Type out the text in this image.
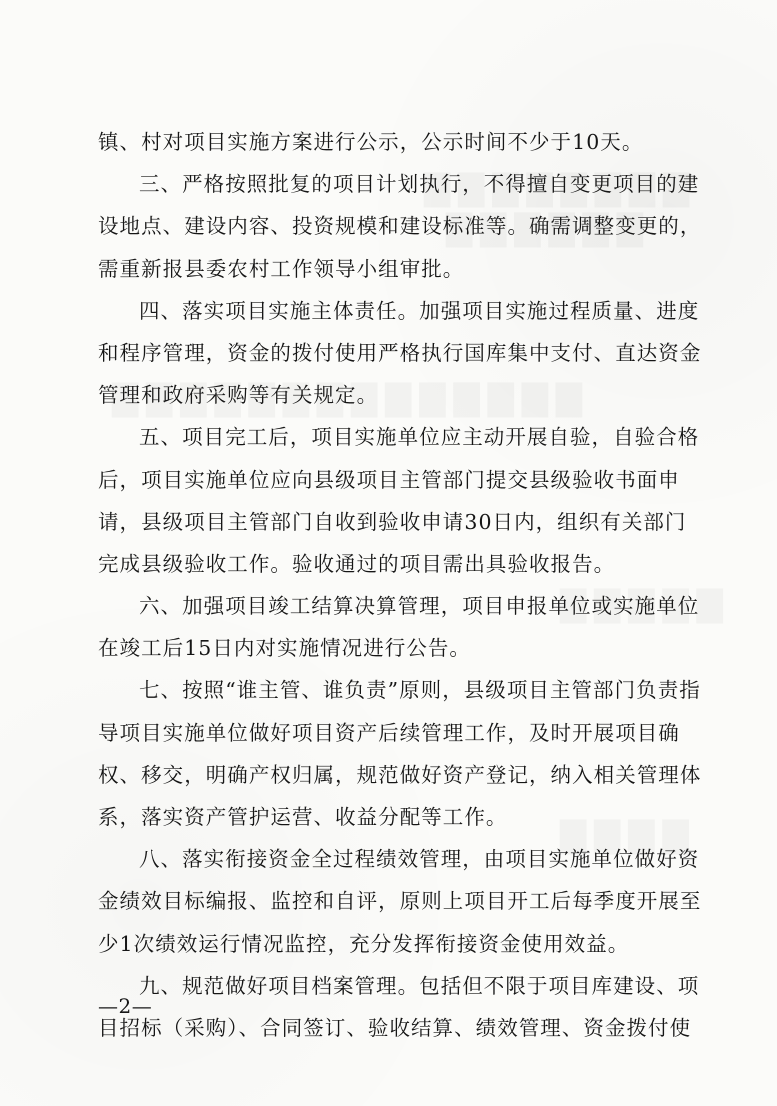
镇、村对项目实施方案进行公示，公示时间不少于10天。
三、严格按照批复的项目计划执行，不得擅自变更项目的建
设地点、建设内容、投资规模和建设标准等。确需调整变更的，
需重新报县委农村工作领导小组审批。
四、落实项目实施主体责任。加强项目实施过程质量、进度
和程序管理，资金的拨付使用严格执行国库集中支付、直达资金
管理和政府采购等有关规定。
五、项目完工后，项目实施单位应主动开展自验，自验合格
后，项目实施单位应向县级项目主管部门提交县级验收书面申
请，县级项目主管部门自收到验收申请30日内，组织有关部门
完成县级验收工作。验收通过的项目需出具验收报告。
六、加强项目竣工结算决算管理，项目申报单位或实施单位
在竣工后15日内对实施情况进行公告。
七、按照“谁主管、谁负责”原则，县级项目主管部门负责指
导项目实施单位做好项目资产后续管理工作，及时开展项目确
权、移交，明确产权归属，规范做好资产登记，纳入相关管理体
系，落实资产管护运营、收益分配等工作。
八、落实衔接资金全过程绩效管理，由项目实施单位做好资
金绩效目标编报、监控和自评，原则上项目开工后每季度开展至
少1次绩效运行情况监控，充分发挥衔接资金使用效益。
九、规范做好项目档案管理。包括但不限于项目库建设、项
目招标（采购）、合同签订、验收结算、绩效管理、资金拨付使
—2—
